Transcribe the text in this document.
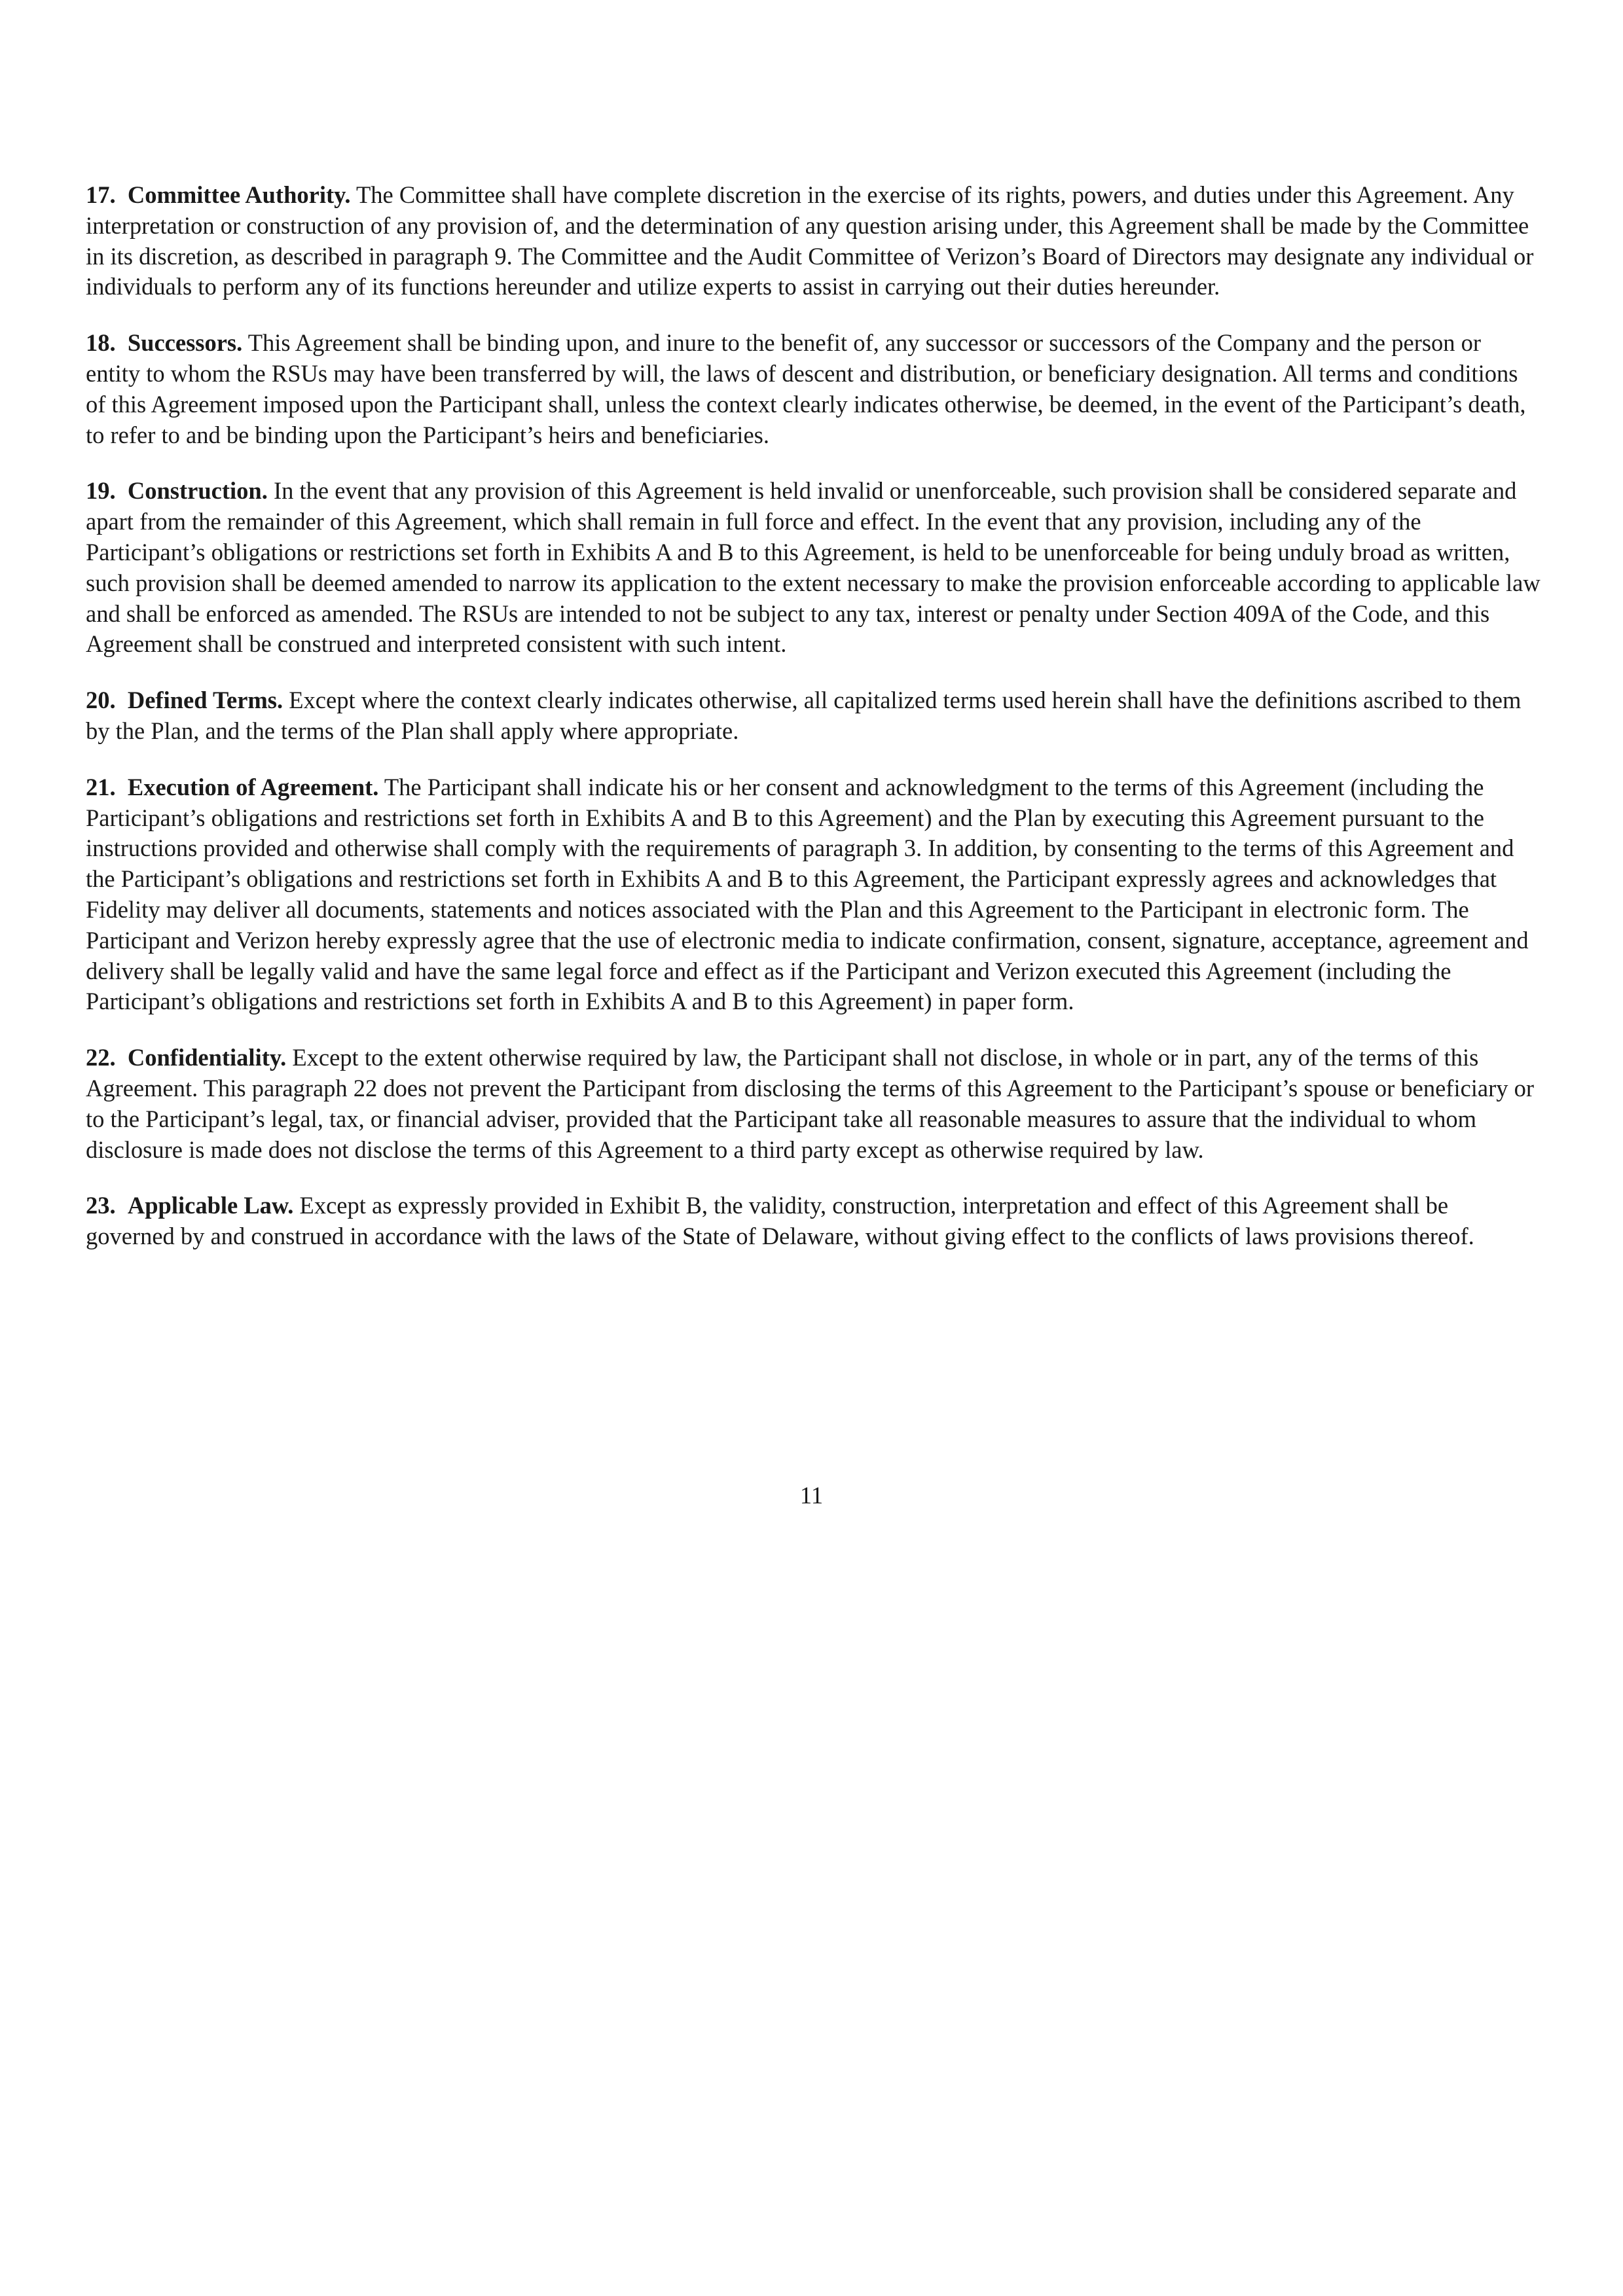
17. Committee Authority. The Committee shall have complete discretion in the exercise of its rights, powers, and duties under this Agreement. Any interpretation or construction of any provision of, and the determination of any question arising under, this Agreement shall be made by the Committee in its discretion, as described in paragraph 9. The Committee and the Audit Committee of Verizon’s Board of Directors may designate any individual or individuals to perform any of its functions hereunder and utilize experts to assist in carrying out their duties hereunder.

18. Successors. This Agreement shall be binding upon, and inure to the benefit of, any successor or successors of the Company and the person or entity to whom the RSUs may have been transferred by will, the laws of descent and distribution, or beneficiary designation. All terms and conditions of this Agreement imposed upon the Participant shall, unless the context clearly indicates otherwise, be deemed, in the event of the Participant’s death, to refer to and be binding upon the Participant’s heirs and beneficiaries.

19. Construction. In the event that any provision of this Agreement is held invalid or unenforceable, such provision shall be considered separate and apart from the remainder of this Agreement, which shall remain in full force and effect. In the event that any provision, including any of the Participant’s obligations or restrictions set forth in Exhibits A and B to this Agreement, is held to be unenforceable for being unduly broad as written, such provision shall be deemed amended to narrow its application to the extent necessary to make the provision enforceable according to applicable law and shall be enforced as amended. The RSUs are intended to not be subject to any tax, interest or penalty under Section 409A of the Code, and this Agreement shall be construed and interpreted consistent with such intent.

20. Defined Terms. Except where the context clearly indicates otherwise, all capitalized terms used herein shall have the definitions ascribed to them by the Plan, and the terms of the Plan shall apply where appropriate.

21. Execution of Agreement. The Participant shall indicate his or her consent and acknowledgment to the terms of this Agreement (including the Participant’s obligations and restrictions set forth in Exhibits A and B to this Agreement) and the Plan by executing this Agreement pursuant to the instructions provided and otherwise shall comply with the requirements of paragraph 3. In addition, by consenting to the terms of this Agreement and the Participant’s obligations and restrictions set forth in Exhibits A and B to this Agreement, the Participant expressly agrees and acknowledges that Fidelity may deliver all documents, statements and notices associated with the Plan and this Agreement to the Participant in electronic form. The Participant and Verizon hereby expressly agree that the use of electronic media to indicate confirmation, consent, signature, acceptance, agreement and delivery shall be legally valid and have the same legal force and effect as if the Participant and Verizon executed this Agreement (including the Participant’s obligations and restrictions set forth in Exhibits A and B to this Agreement) in paper form.

22. Confidentiality. Except to the extent otherwise required by law, the Participant shall not disclose, in whole or in part, any of the terms of this Agreement. This paragraph 22 does not prevent the Participant from disclosing the terms of this Agreement to the Participant’s spouse or beneficiary or to the Participant’s legal, tax, or financial adviser, provided that the Participant take all reasonable measures to assure that the individual to whom disclosure is made does not disclose the terms of this Agreement to a third party except as otherwise required by law.

23. Applicable Law. Except as expressly provided in Exhibit B, the validity, construction, interpretation and effect of this Agreement shall be governed by and construed in accordance with the laws of the State of Delaware, without giving effect to the conflicts of laws provisions thereof.

11
